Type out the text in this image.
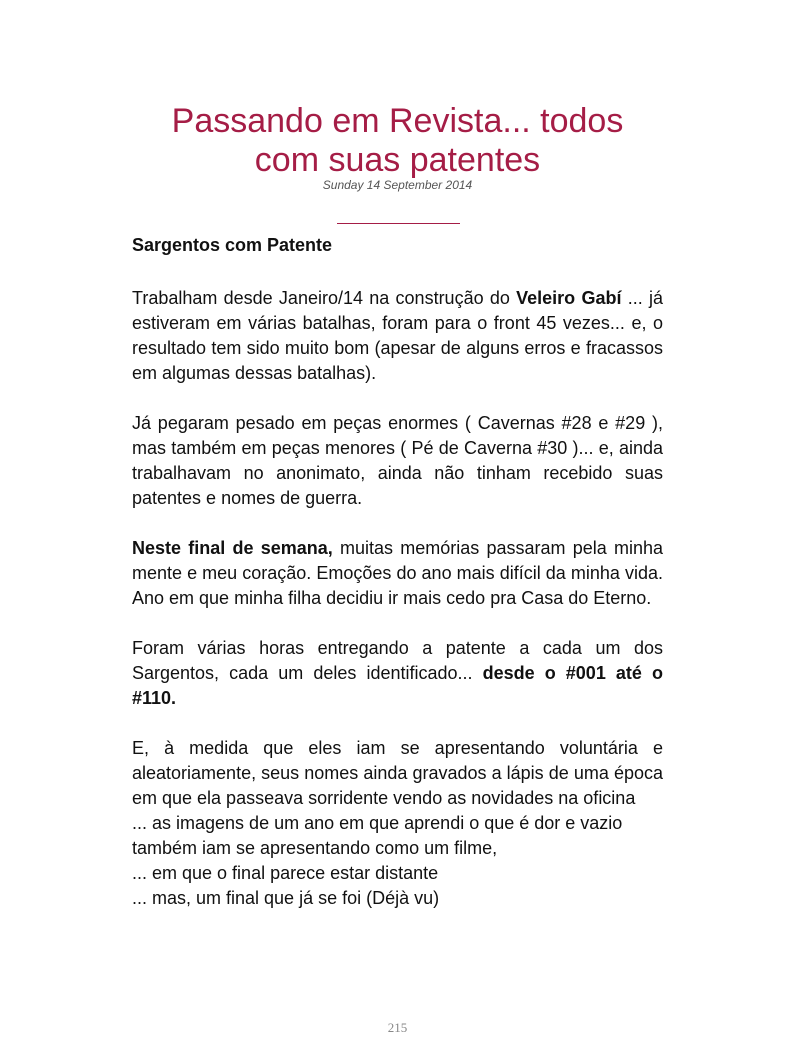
Passando em Revista... todos
com suas patentes
Sunday 14 September 2014

Sargentos com Patente

Trabalham desde Janeiro/14 na construção do Veleiro Gabí ... já estiveram em várias batalhas, foram para o front 45 vezes... e, o resultado tem sido muito bom (apesar de alguns erros e fracassos em algumas dessas batalhas).

Já pegaram pesado em peças enormes ( Cavernas #28 e #29 ), mas também em peças menores ( Pé de Caverna #30 )... e, ainda trabalhavam no anonimato, ainda não tinham recebido suas patentes e nomes de guerra.

Neste final de semana, muitas memórias passaram pela minha mente e meu coração. Emoções do ano mais difícil da minha vida. Ano em que minha filha decidiu ir mais cedo pra Casa do Eterno.

Foram várias horas entregando a patente a cada um dos Sargentos, cada um deles identificado... desde o #001 até o #110.

E, à medida que eles iam se apresentando voluntária e aleatoriamente, seus nomes ainda gravados a lápis de uma época em que ela passeava sorridente vendo as novidades na oficina

... as imagens de um ano em que aprendi o que é dor e vazio também iam se apresentando como um filme,

... em que o final parece estar distante

... mas, um final que já se foi (Déjà vu)

215
